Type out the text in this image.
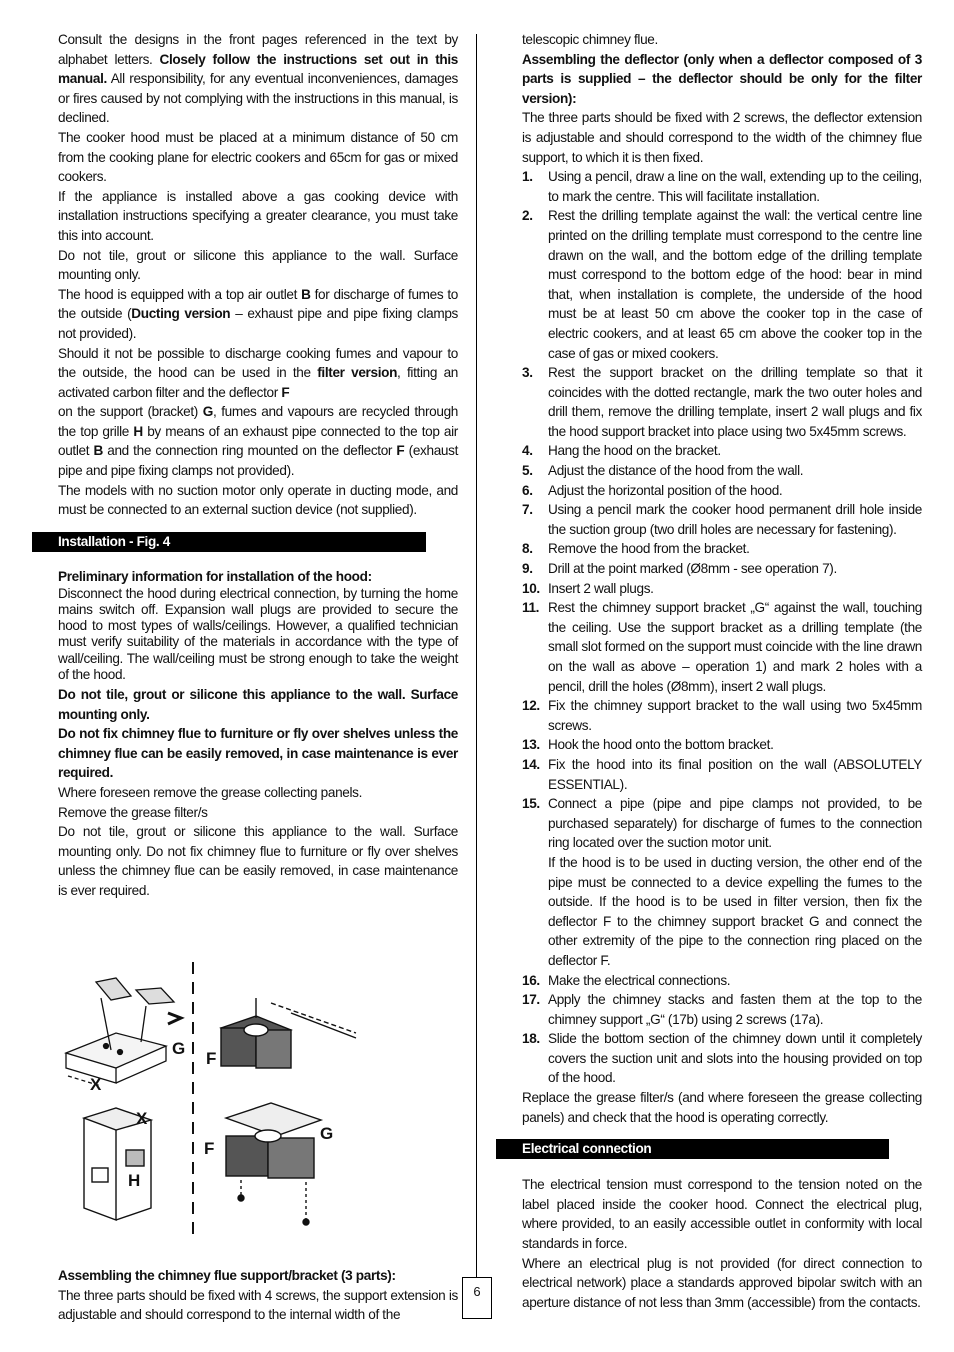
Consult the designs in the front pages referenced in the text by alphabet letters. Closely follow the instructions set out in this manual. All responsibility, for any eventual inconveniences, damages or fires caused by not complying with the instructions in this manual, is declined.

The cooker hood must be placed at a minimum distance of 50 cm from the cooking plane for electric cookers and 65cm for gas or mixed cookers.

If the appliance is installed above a gas cooking device with installation instructions specifying a greater clearance, you must take this into account.

Do not tile, grout or silicone this appliance to the wall. Surface mounting only.

The hood is equipped with a top air outlet B for discharge of fumes to the outside (Ducting version – exhaust pipe and pipe fixing clamps not provided).

Should it not be possible to discharge cooking fumes and vapour to the outside, the hood can be used in the filter version, fitting an activated carbon filter and the deflector F

on the support (bracket) G, fumes and vapours are recycled through the top grille H by means of an exhaust pipe connected to the top air outlet B and the connection ring mounted on the deflector F (exhaust pipe and pipe fixing clamps not provided).

The models with no suction motor only operate in ducting mode, and must be connected to an external suction device (not supplied).

Installation - Fig. 4

Preliminary information for installation of the hood:

Disconnect the hood during electrical connection, by turning the home mains switch off. Expansion wall plugs are provided to secure the hood to most types of walls/ceilings. However, a qualified technician must verify suitability of the materials in accordance with the type of wall/ceiling. The wall/ceiling must be strong enough to take the weight of the hood.

Do not tile, grout or silicone this appliance to the wall. Surface mounting only.

Do not fix chimney flue to furniture or fly over shelves unless the chimney flue can be easily removed, in case maintenance is ever required.

Where foreseen remove the grease collecting panels.

Remove the grease filter/s

Do not tile, grout or silicone this appliance to the wall. Surface mounting only. Do not fix chimney flue to furniture or fly over shelves unless the chimney flue can be easily removed, in case maintenance is ever required.

G
F
X
X
H
F
G

Assembling the chimney flue support/bracket (3 parts):

The three parts should be fixed with 4 screws, the support extension is adjustable and should correspond to the internal width of the

6

telescopic chimney flue.

Assembling the deflector (only when a deflector composed of 3 parts is supplied – the deflector should be only for the filter version):

The three parts should be fixed with 2 screws, the deflector extension is adjustable and should correspond to the width of the chimney flue support, to which it is then fixed.

1. Using a pencil, draw a line on the wall, extending up to the ceiling, to mark the centre. This will facilitate installation.
2. Rest the drilling template against the wall: the vertical centre line printed on the drilling template must correspond to the centre line drawn on the wall, and the bottom edge of the drilling template must correspond to the bottom edge of the hood: bear in mind that, when installation is complete, the underside of the hood must be at least 50 cm above the cooker top in the case of electric cookers, and at least 65 cm above the cooker top in the case of gas or mixed cookers.
3. Rest the support bracket on the drilling template so that it coincides with the dotted rectangle, mark the two outer holes and drill them, remove the drilling template, insert 2 wall plugs and fix the hood support bracket into place using two 5x45mm screws.
4. Hang the hood on the bracket.
5. Adjust the distance of the hood from the wall.
6. Adjust the horizontal position of the hood.
7. Using a pencil mark the cooker hood permanent drill hole inside the suction group (two drill holes are necessary for fastening).
8. Remove the hood from the bracket.
9. Drill at the point marked (Ø8mm - see operation 7).
10. Insert 2 wall plugs.
11. Rest the chimney support bracket „G“ against the wall, touching the ceiling. Use the support bracket as a drilling template (the small slot formed on the support must coincide with the line drawn on the wall as above – operation 1) and mark 2 holes with a pencil, drill the holes (Ø8mm), insert 2 wall plugs.
12. Fix the chimney support bracket to the wall using two 5x45mm screws.
13. Hook the hood onto the bottom bracket.
14. Fix the hood into its final position on the wall (ABSOLUTELY ESSENTIAL).
15. Connect a pipe (pipe and pipe clamps not provided, to be purchased separately) for discharge of fumes to the connection ring located over the suction motor unit.
If the hood is to be used in ducting version, the other end of the pipe must be connected to a device expelling the fumes to the outside. If the hood is to be used in filter version, then fix the deflector F to the chimney support bracket G and connect the other extremity of the pipe to the connection ring placed on the deflector F.
16. Make the electrical connections.
17. Apply the chimney stacks and fasten them at the top to the chimney support „G“ (17b) using 2 screws (17a).
18. Slide the bottom section of the chimney down until it completely covers the suction unit and slots into the housing provided on top of the hood.

Replace the grease filter/s (and where foreseen the grease collecting panels) and check that the hood is operating correctly.

Electrical connection

The electrical tension must correspond to the tension noted on the label placed inside the cooker hood. Connect the electrical plug, where provided, to an easily accessible outlet in conformity with local standards in force.

Where an electrical plug is not provided (for direct connection to electrical network) place a standards approved bipolar switch with an aperture distance of not less than 3mm (accessible) from the contacts.
